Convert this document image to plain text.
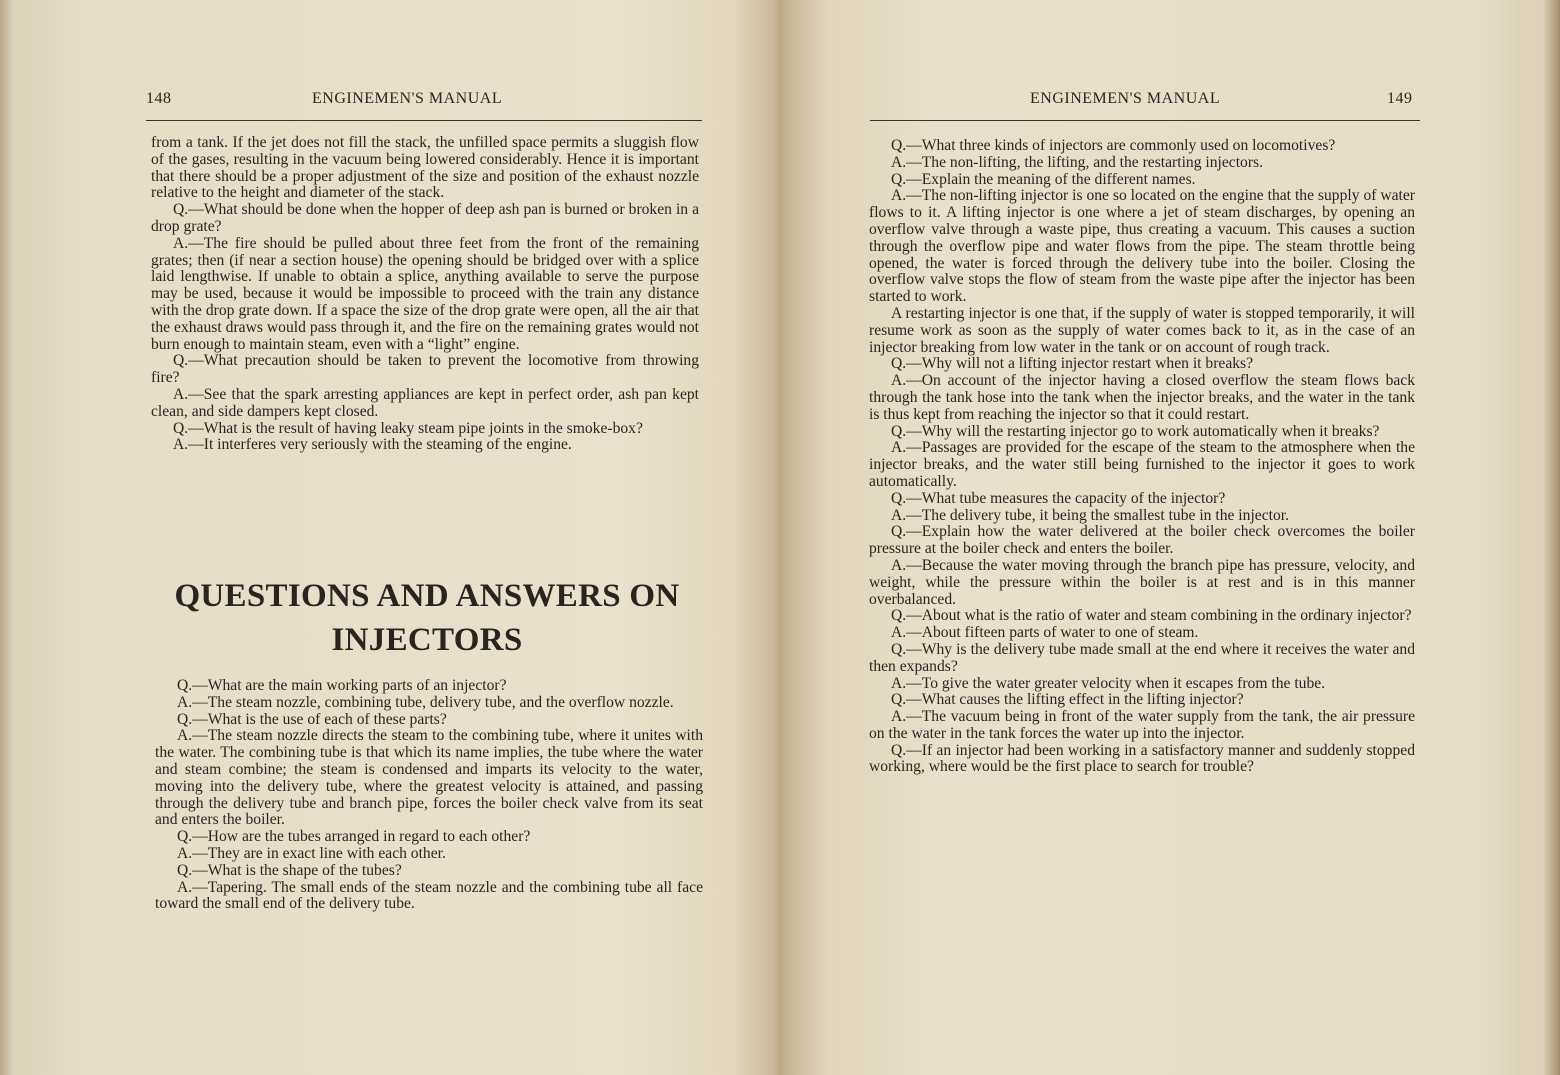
148	ENGINEMEN'S MANUAL

from a tank. If the jet does not fill the stack, the unfilled space permits a sluggish flow of the gases, resulting in the vacuum being lowered considerably. Hence it is important that there should be a proper adjustment of the size and position of the exhaust nozzle relative to the height and diameter of the stack.

Q.—What should be done when the hopper of deep ash pan is burned or broken in a drop grate?

A.—The fire should be pulled about three feet from the front of the remaining grates; then (if near a section house) the opening should be bridged over with a splice laid lengthwise. If unable to obtain a splice, anything available to serve the purpose may be used, because it would be impossible to proceed with the train any distance with the drop grate down. If a space the size of the drop grate were open, all the air that the exhaust draws would pass through it, and the fire on the remaining grates would not burn enough to maintain steam, even with a “light” engine.

Q.—What precaution should be taken to prevent the locomotive from throwing fire?

A.—See that the spark arresting appliances are kept in perfect order, ash pan kept clean, and side dampers kept closed.

Q.—What is the result of having leaky steam pipe joints in the smoke-box?

A.—It interferes very seriously with the steaming of the engine.

QUESTIONS AND ANSWERS ON
INJECTORS

Q.—What are the main working parts of an injector?

A.—The steam nozzle, combining tube, delivery tube, and the overflow nozzle.

Q.—What is the use of each of these parts?

A.—The steam nozzle directs the steam to the combining tube, where it unites with the water. The combining tube is that which its name implies, the tube where the water and steam combine; the steam is condensed and imparts its velocity to the water, moving into the delivery tube, where the greatest velocity is attained, and passing through the delivery tube and branch pipe, forces the boiler check valve from its seat and enters the boiler.

Q.—How are the tubes arranged in regard to each other?

A.—They are in exact line with each other.

Q.—What is the shape of the tubes?

A.—Tapering. The small ends of the steam nozzle and the combining tube all face toward the small end of the delivery tube.

ENGINEMEN'S MANUAL	149

Q.—What three kinds of injectors are commonly used on locomotives?

A.—The non-lifting, the lifting, and the restarting injectors.

Q.—Explain the meaning of the different names.

A.—The non-lifting injector is one so located on the engine that the supply of water flows to it. A lifting injector is one where a jet of steam discharges, by opening an overflow valve through a waste pipe, thus creating a vacuum. This causes a suction through the overflow pipe and water flows from the pipe. The steam throttle being opened, the water is forced through the delivery tube into the boiler. Closing the overflow valve stops the flow of steam from the waste pipe after the injector has been started to work.

A restarting injector is one that, if the supply of water is stopped temporarily, it will resume work as soon as the supply of water comes back to it, as in the case of an injector breaking from low water in the tank or on account of rough track.

Q.—Why will not a lifting injector restart when it breaks?

A.—On account of the injector having a closed overflow the steam flows back through the tank hose into the tank when the injector breaks, and the water in the tank is thus kept from reaching the injector so that it could restart.

Q.—Why will the restarting injector go to work automatically when it breaks?

A.—Passages are provided for the escape of the steam to the atmosphere when the injector breaks, and the water still being furnished to the injector it goes to work automatically.

Q.—What tube measures the capacity of the injector?

A.—The delivery tube, it being the smallest tube in the injector.

Q.—Explain how the water delivered at the boiler check overcomes the boiler pressure at the boiler check and enters the boiler.

A.—Because the water moving through the branch pipe has pressure, velocity, and weight, while the pressure within the boiler is at rest and is in this manner overbalanced.

Q.—About what is the ratio of water and steam combining in the ordinary injector?

A.—About fifteen parts of water to one of steam.

Q.—Why is the delivery tube made small at the end where it receives the water and then expands?

A.—To give the water greater velocity when it escapes from the tube.

Q.—What causes the lifting effect in the lifting injector?

A.—The vacuum being in front of the water supply from the tank, the air pressure on the water in the tank forces the water up into the injector.

Q.—If an injector had been working in a satisfactory manner and suddenly stopped working, where would be the first place to search for trouble?
